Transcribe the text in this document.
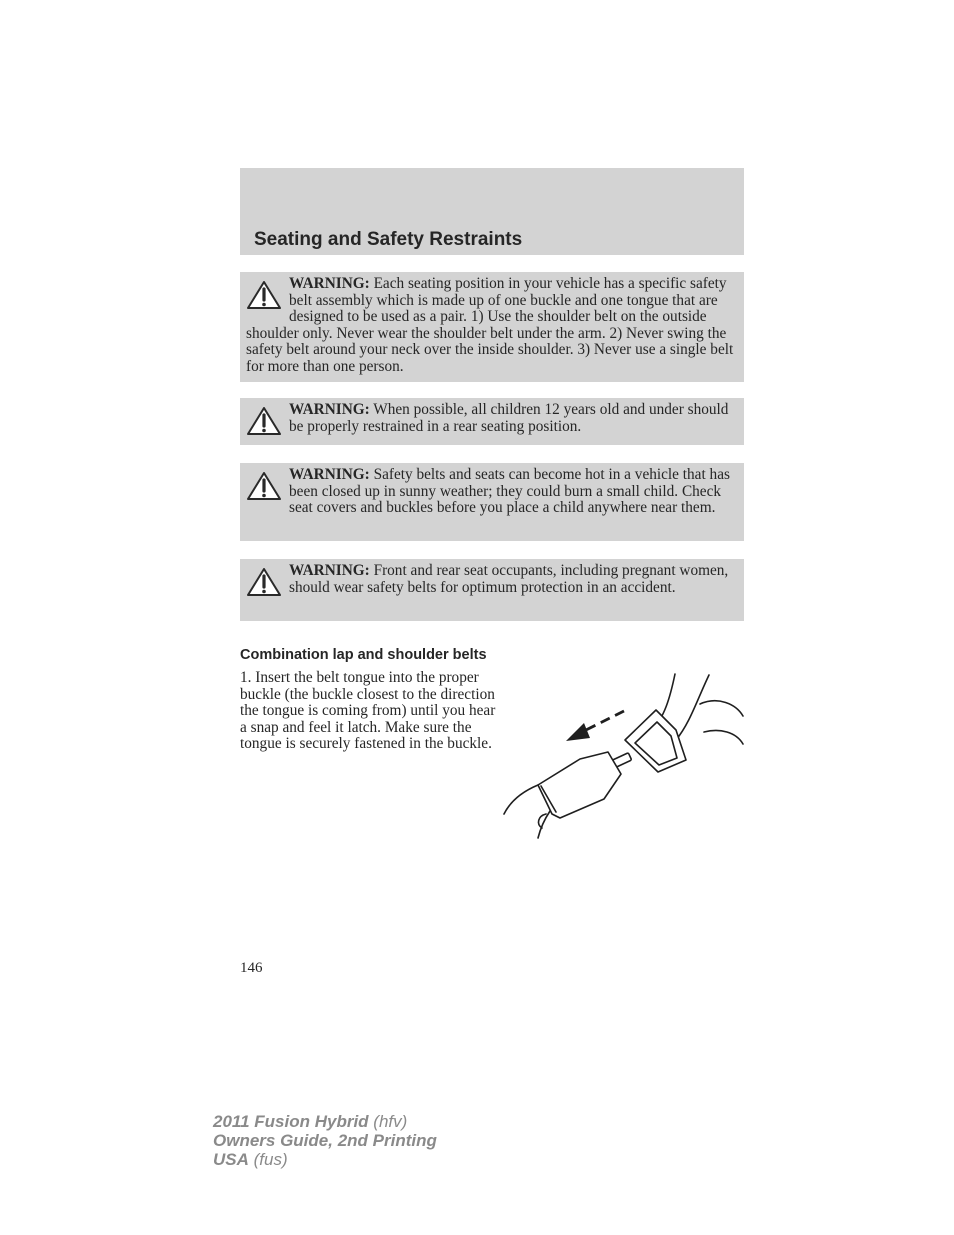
Seating and Safety Restraints
WARNING: Each seating position in your vehicle has a specific safety belt assembly which is made up of one buckle and one tongue that are designed to be used as a pair. 1) Use the shoulder belt on the outside shoulder only. Never wear the shoulder belt under the arm. 2) Never swing the safety belt around your neck over the inside shoulder. 3) Never use a single belt for more than one person.
WARNING: When possible, all children 12 years old and under should be properly restrained in a rear seating position.
WARNING: Safety belts and seats can become hot in a vehicle that has been closed up in sunny weather; they could burn a small child. Check seat covers and buckles before you place a child anywhere near them.
WARNING: Front and rear seat occupants, including pregnant women, should wear safety belts for optimum protection in an accident.
Combination lap and shoulder belts

1. Insert the belt tongue into the proper buckle (the buckle closest to the direction the tongue is coming from) until you hear a snap and feel it latch. Make sure the tongue is securely fastened in the buckle.

146
2011 Fusion Hybrid (hfv)
Owners Guide, 2nd Printing
USA (fus)
